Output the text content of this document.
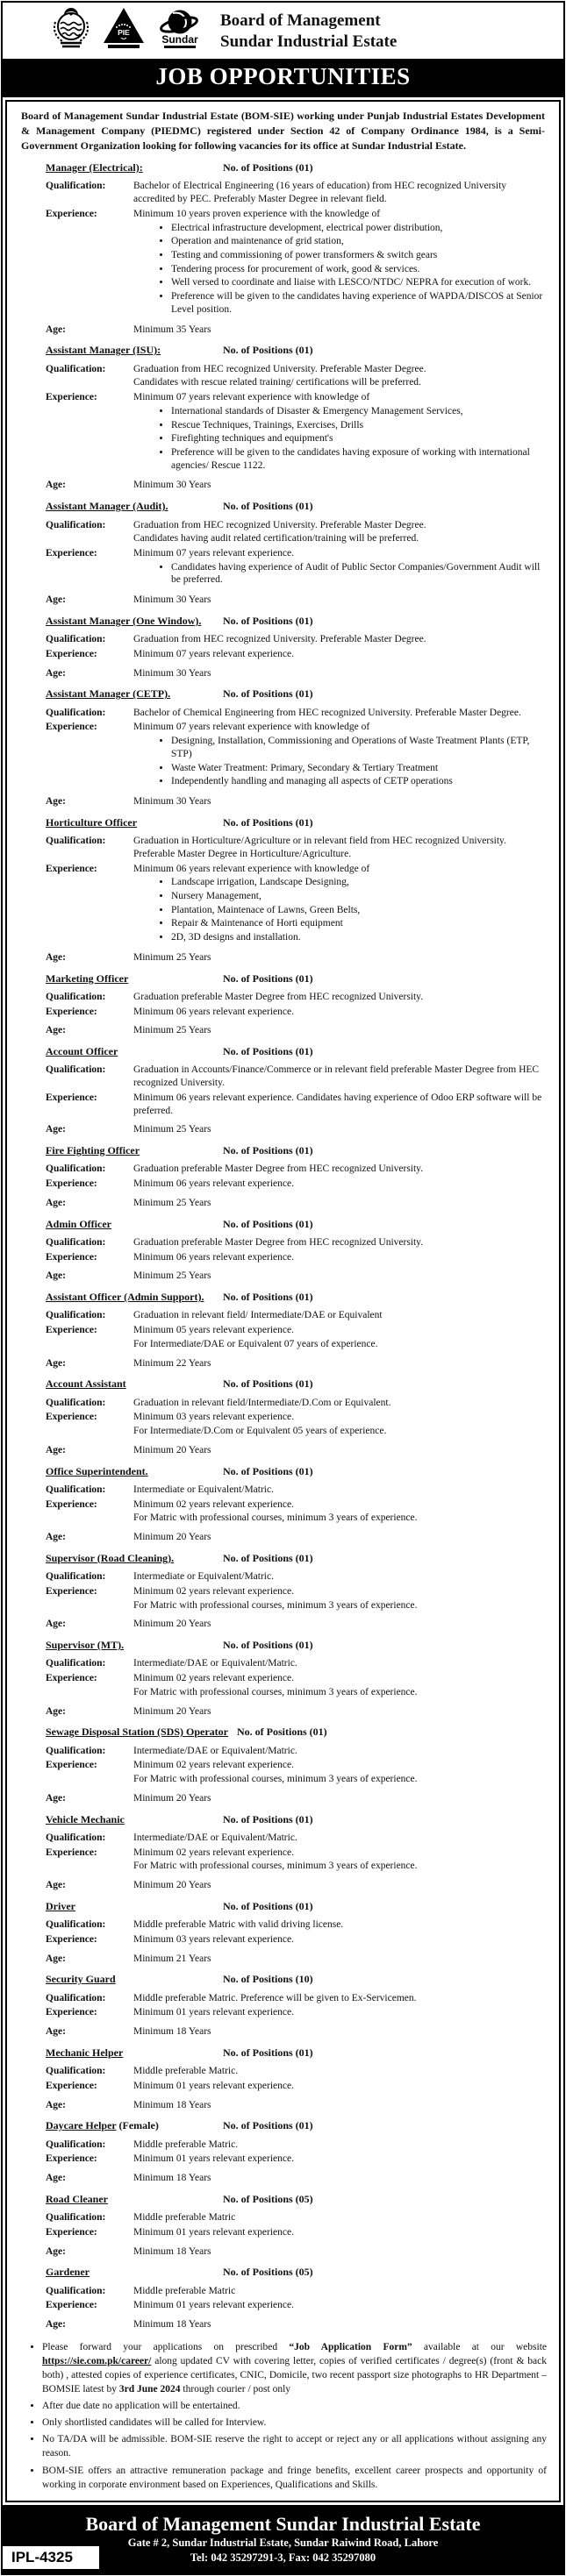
PIE
Sundar
Board of Management
Sundar Industrial Estate
JOB OPPORTUNITIES

Board of Management Sundar Industrial Estate (BOM-SIE) working under Punjab Industrial Estates Development & Management Company (PIEDMC) registered under Section 42 of Company Ordinance 1984, is a Semi-Government Organization looking for following vacancies for its office at Sundar Industrial Estate.

Manager (Electrical):	No. of Positions (01)
Qualification:	Bachelor of Electrical Engineering (16 years of education) from HEC recognized University accredited by PEC. Preferably Master Degree in relevant field.
Experience:	Minimum 10 years proven experience with the knowledge of
• Electrical infrastructure development, electrical power distribution,
• Operation and maintenance of grid station,
• Testing and commissioning of power transformers & switch gears
• Tendering process for procurement of work, good & services.
• Well versed to coordinate and liaise with LESCO/NTDC/ NEPRA for execution of work.
• Preference will be given to the candidates having experience of WAPDA/DISCOS at Senior Level position.
Age:	Minimum 35 Years
Assistant Manager (ISU):	No. of Positions (01)
Qualification:	Graduation from HEC recognized University. Preferable Master Degree.
Candidates with rescue related training/ certifications will be preferred.
Experience:	Minimum 07 years relevant experience with knowledge of
• International standards of Disaster & Emergency Management Services,
• Rescue Techniques, Trainings, Exercises, Drills
• Firefighting techniques and equipment's
• Preference will be given to the candidates having exposure of working with international agencies/ Rescue 1122.
Age:	Minimum 30 Years
Assistant Manager (Audit).	No. of Positions (01)
Qualification:	Graduation from HEC recognized University. Preferable Master Degree.
Candidates having audit related certification/training will be preferred.
Experience:	Minimum 07 years relevant experience.
• Candidates having experience of Audit of Public Sector Companies/Government Audit will be preferred.
Age:	Minimum 30 Years
Assistant Manager (One Window).	No. of Positions (01)
Qualification:	Graduation from HEC recognized University. Preferable Master Degree.
Experience:	Minimum 07 years relevant experience.
Age:	Minimum 30 Years
Assistant Manager (CETP).	No. of Positions (01)
Qualification:	Bachelor of Chemical Engineering from HEC recognized University. Preferable Master Degree.
Experience:	Minimum 07 years relevant experience with knowledge of
• Designing, Installation, Commissioning and Operations of Waste Treatment Plants (ETP, STP)
• Waste Water Treatment: Primary, Secondary & Tertiary Treatment
• Independently handling and managing all aspects of CETP operations
Age:	Minimum 30 Years
Horticulture Officer	No. of Positions (01)
Qualification:	Graduation in Horticulture/Agriculture or in relevant field from HEC recognized University. Preferable Master Degree in Horticulture/Agriculture.
Experience:	Minimum 06 years relevant experience with knowledge of
• Landscape irrigation, Landscape Designing,
• Nursery Management,
• Plantation, Maintenace of Lawns, Green Belts,
• Repair & Maintenance of Horti equipment
• 2D, 3D designs and installation.
Age:	Minimum 25 Years
Marketing Officer	No. of Positions (01)
Qualification:	Graduation preferable Master Degree from HEC recognized University.
Experience:	Minimum 06 years relevant experience.
Age:	Minimum 25 Years
Account Officer	No. of Positions (01)
Qualification:	Graduation in Accounts/Finance/Commerce or in relevant field preferable Master Degree from HEC recognized University.
Experience:	Minimum 06 years relevant experience. Candidates having experience of Odoo ERP software will be preferred.
Age:	Minimum 25 Years
Fire Fighting Officer	No. of Positions (01)
Qualification:	Graduation preferable Master Degree from HEC recognized University.
Experience:	Minimum 06 years relevant experience.
Age:	Minimum 25 Years
Admin Officer	No. of Positions (01)
Qualification:	Graduation preferable Master Degree from HEC recognized University.
Experience:	Minimum 06 years relevant experience.
Age:	Minimum 25 Years
Assistant Officer (Admin Support).	No. of Positions (01)
Qualification:	Graduation in relevant field/ Intermediate/DAE or Equivalent
Experience:	Minimum 05 years relevant experience.
For Intermediate/DAE or Equivalent 07 years of experience.
Age:	Minimum 22 Years
Account Assistant	No. of Positions (01)
Qualification:	Graduation in relevant field/Intermediate/D.Com or Equivalent.
Experience:	Minimum 03 years relevant experience.
For Intermediate/D.Com or Equivalent 05 years of experience.
Age:	Minimum 20 Years
Office Superintendent.	No. of Positions (01)
Qualification:	Intermediate or Equivalent/Matric.
Experience:	Minimum 02 years relevant experience.
For Matric with professional courses, minimum 3 years of experience.
Age:	Minimum 20 Years
Supervisor (Road Cleaning).	No. of Positions (01)
Qualification:	Intermediate or Equivalent/Matric.
Experience:	Minimum 02 years relevant experience.
For Matric with professional courses, minimum 3 years of experience.
Age:	Minimum 20 Years
Supervisor (MT).	No. of Positions (01)
Qualification:	Intermediate/DAE or Equivalent/Matric.
Experience:	Minimum 02 years relevant experience.
For Matric with professional courses, minimum 3 years of experience.
Age:	Minimum 20 Years
Sewage Disposal Station (SDS) Operator No. of Positions (01)
Qualification:	Intermediate/DAE or Equivalent/Matric.
Experience:	Minimum 02 years relevant experience.
For Matric with professional courses, minimum 3 years of experience.
Age:	Minimum 20 Years
Vehicle Mechanic	No. of Positions (01)
Qualification:	Intermediate/DAE or Equivalent/Matric.
Experience:	Minimum 02 years relevant experience.
For Matric with professional courses, minimum 3 years of experience.
Age:	Minimum 20 Years
Driver	No. of Positions (01)
Qualification:	Middle preferable Matric with valid driving license.
Experience:	Minimum 03 years relevant experience.
Age:	Minimum 21 Years
Security Guard	No. of Positions (10)
Qualification:	Middle preferable Matric. Preference will be given to Ex-Servicemen.
Experience:	Minimum 01 years relevant experience.
Age:	Minimum 18 Years
Mechanic Helper	No. of Positions (01)
Qualification:	Middle preferable Matric.
Experience:	Minimum 01 years relevant experience.
Age:	Minimum 18 Years
Daycare Helper (Female)	No. of Positions (01)
Qualification:	Middle preferable Matric.
Experience:	Minimum 01 years relevant experience.
Age:	Minimum 18 Years
Road Cleaner	No. of Positions (05)
Qualification:	Middle preferable Matric
Experience:	Minimum 01 years relevant experience.
Age:	Minimum 18 Years
Gardener	No. of Positions (05)
Qualification:	Middle preferable Matric
Experience:	Minimum 01 years relevant experience.
Age:	Minimum 18 Years
• Please forward your applications on prescribed “Job Application Form” available at our website https://sie.com.pk/career/ along updated CV with covering letter, copies of verified certificates / degree(s) (front & back both) , attested copies of experience certificates, CNIC, Domicile, two recent passport size photographs to HR Department – BOMSIE latest by 3rd June 2024 through courier / post only
• After due date no application will be entertained.
• Only shortlisted candidates will be called for Interview.
• No TA/DA will be admissible. BOM-SIE reserve the right to accept or reject any or all applications without assigning any reason.
• BOM-SIE offers an attractive remuneration package and fringe benefits, excellent career prospects and opportunity of working in corporate environment based on Experiences, Qualifications and Skills.
Board of Management Sundar Industrial Estate
Gate # 2, Sundar Industrial Estate, Sundar Raiwind Road, Lahore
Tel: 042 35297291-3, Fax: 042 35297080
IPL-4325
